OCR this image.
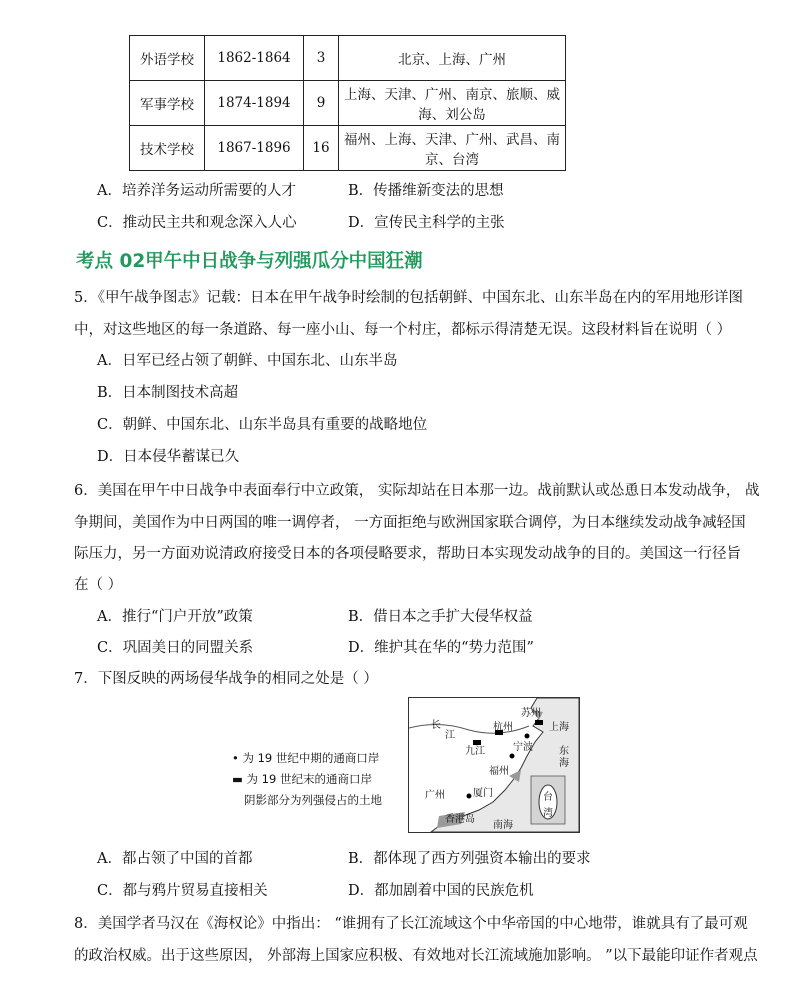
外语学校	1862-1864	3	北京、上海、广州
军事学校	1874-1894	9	上海、天津、广州、南京、旅顺、威海、刘公岛
技术学校	1867-1896	16	福州、上海、天津、广州、武昌、南京、台湾
A．培养洋务运动所需要的人才	B．传播维新变法的思想
C．推动民主共和观念深入人心	D．宣传民主科学的主张
考点 02甲午中日战争与列强瓜分中国狂潮
5．《甲午战争图志》记载：日本在甲午战争时绘制的包括朝鲜、中国东北、山东半岛在内的军用地形详图
中，对这些地区的每一条道路、每一座小山、每一个村庄，都标示得清楚无误。这段材料旨在说明（ ）
A．日军已经占领了朝鲜、中国东北、山东半岛
B．日本制图技术高超
C．朝鲜、中国东北、山东半岛具有重要的战略地位
D．日本侵华蓄谋已久
6．美国在甲午中日战争中表面奉行中立政策， 实际却站在日本那一边。战前默认或怂恿日本发动战争， 战
争期间，美国作为中日两国的唯一调停者， 一方面拒绝与欧洲国家联合调停，为日本继续发动战争减轻国
际压力，另一方面劝说清政府接受日本的各项侵略要求，帮助日本实现发动战争的目的。美国这一行径旨
在（ ）
A．推行“门户开放”政策	B．借日本之手扩大侵华权益
C．巩固美日的同盟关系	D．维护其在华的“势力范围”
7．下图反映的两场侵华战争的相同之处是（ ）
• 为 19 世纪中期的通商口岸
▬ 为 19 世纪末的通商口岸
阴影部分为列强侵占的土地
长
江
苏州
上海
杭州
九江	宁波	东
海
福州
广州	厦门
香港岛
南海
台
湾
A．都占领了中国的首都	B．都体现了西方列强资本输出的要求
C．都与鸦片贸易直接相关	D．都加剧着中国的民族危机
8．美国学者马汉在《海权论》中指出： “谁拥有了长江流域这个中华帝国的中心地带，谁就具有了最可观
的政治权威。出于这些原因， 外部海上国家应积极、有效地对长江流域施加影响。 ”以下最能印证作者观点
